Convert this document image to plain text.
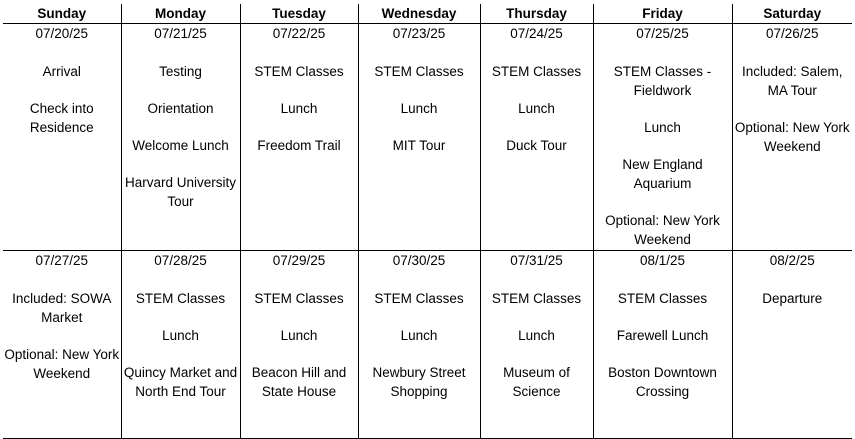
Sunday	Monday	Tuesday	Wednesday	Thursday	Friday	Saturday

07/20/25
Arrival
Check into Residence	07/21/25
Testing
Orientation
Welcome Lunch
Harvard University Tour	07/22/25
STEM Classes
Lunch
Freedom Trail	07/23/25
STEM Classes
Lunch
MIT Tour	07/24/25
STEM Classes
Lunch
Duck Tour	07/25/25
STEM Classes - Fieldwork
Lunch
New England Aquarium
Optional: New York Weekend	07/26/25
Included: Salem, MA Tour
Optional: New York Weekend

07/27/25
Included: SOWA Market
Optional: New York Weekend	07/28/25
STEM Classes
Lunch
Quincy Market and North End Tour	07/29/25
STEM Classes
Lunch
Beacon Hill and State House	07/30/25
STEM Classes
Lunch
Newbury Street Shopping	07/31/25
STEM Classes
Lunch
Museum of Science	08/1/25
STEM Classes
Farewell Lunch
Boston Downtown Crossing	08/2/25
Departure
